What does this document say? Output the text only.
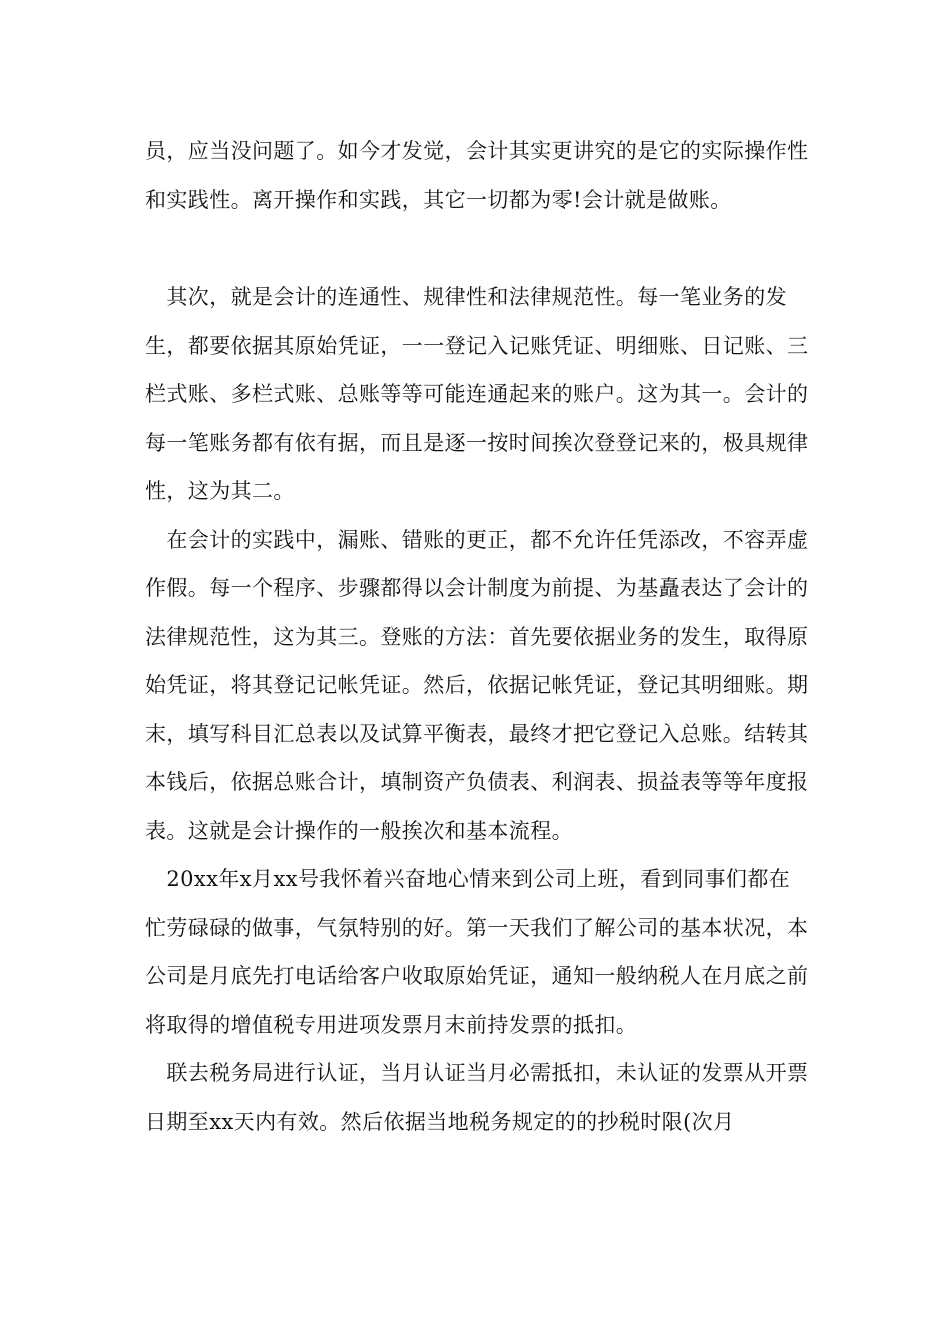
员，应当没问题了。如今才发觉，会计其实更讲究的是它的实际操作性和实践性。离开操作和实践，其它一切都为零!会计就是做账。

　其次，就是会计的连通性、规律性和法律规范性。每一笔业务的发生，都要依据其原始凭证，一一登记入记账凭证、明细账、日记账、三栏式账、多栏式账、总账等等可能连通起来的账户。这为其一。会计的每一笔账务都有依有据，而且是逐一按时间挨次登登记来的，极具规律性，这为其二。

　在会计的实践中，漏账、错账的更正，都不允许任凭添改，不容弄虚作假。每一个程序、步骤都得以会计制度为前提、为基矗表达了会计的法律规范性，这为其三。登账的方法：首先要依据业务的发生，取得原始凭证，将其登记记帐凭证。然后，依据记帐凭证，登记其明细账。期末，填写科目汇总表以及试算平衡表，最终才把它登记入总账。结转其本钱后，依据总账合计，填制资产负债表、利润表、损益表等等年度报表。这就是会计操作的一般挨次和基本流程。

　20xx年x月xx号我怀着兴奋地心情来到公司上班，看到同事们都在忙劳碌碌的做事，气氛特别的好。第一天我们了解公司的基本状况，本公司是月底先打电话给客户收取原始凭证，通知一般纳税人在月底之前将取得的增值税专用进项发票月末前持发票的抵扣。

　联去税务局进行认证，当月认证当月必需抵扣，未认证的发票从开票日期至xx天内有效。然后依据当地税务规定的的抄税时限(次月
